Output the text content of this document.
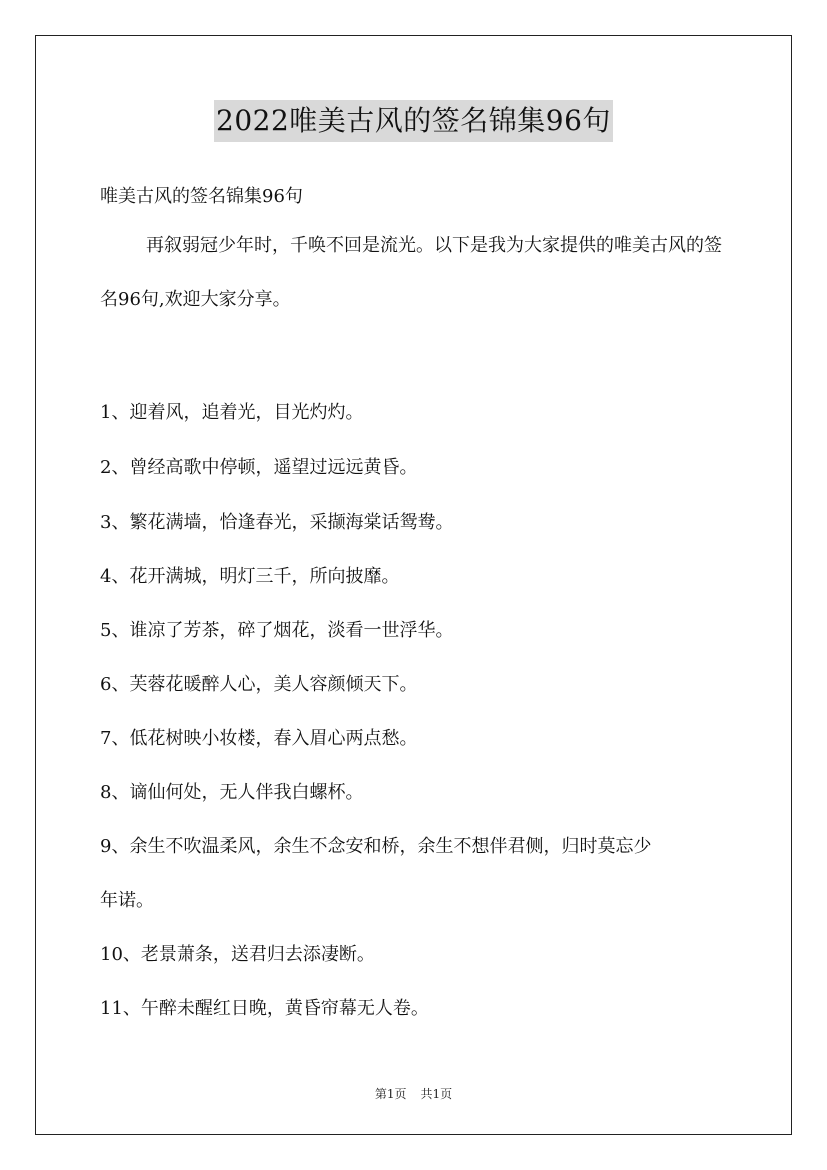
2022唯美古风的签名锦集96句
唯美古风的签名锦集96句
再叙弱冠少年时，千唤不回是流光。以下是我为大家提供的唯美古风的签名96句,欢迎大家分享。
1、迎着风，追着光，目光灼灼。
2、曾经高歌中停顿，遥望过远远黄昏。
3、繁花满墙，恰逢春光，采撷海棠话鸳鸯。
4、花开满城，明灯三千，所向披靡。
5、谁凉了芳茶，碎了烟花，淡看一世浮华。
6、芙蓉花暖醉人心，美人容颜倾天下。
7、低花树映小妆楼，春入眉心两点愁。
8、谪仙何处，无人伴我白螺杯。
9、余生不吹温柔风，余生不念安和桥，余生不想伴君侧，归时莫忘少
年诺。
10、老景萧条，送君归去添凄断。
11、午醉未醒红日晚，黄昏帘幕无人卷。
第1页 共1页
